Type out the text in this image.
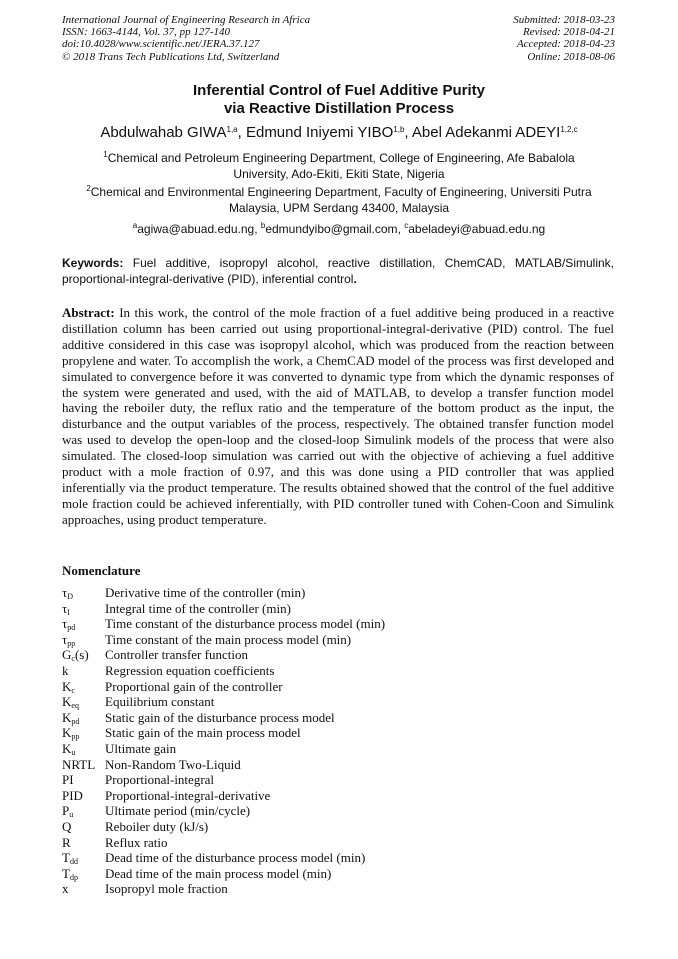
International Journal of Engineering Research in Africa
ISSN: 1663-4144, Vol. 37, pp 127-140
doi:10.4028/www.scientific.net/JERA.37.127
© 2018 Trans Tech Publications Ltd, Switzerland
Submitted: 2018-03-23
Revised: 2018-04-21
Accepted: 2018-04-23
Online: 2018-08-06
Inferential Control of Fuel Additive Purity
via Reactive Distillation Process
Abdulwahab GIWA$^{1,a}$, Edmund Iniyemi YIBO$^{1,b}$, Abel Adekanmi ADEYI$^{1,2,c}$
$^1$Chemical and Petroleum Engineering Department, College of Engineering, Afe Babalola University, Ado-Ekiti, Ekiti State, Nigeria
$^2$Chemical and Environmental Engineering Department, Faculty of Engineering, Universiti Putra Malaysia, UPM Serdang 43400, Malaysia
$^a$agiwa@abuad.edu.ng, $^b$edmundyibo@gmail.com, $^c$abeladeyi@abuad.edu.ng
Keywords: Fuel additive, isopropyl alcohol, reactive distillation, ChemCAD, MATLAB/Simulink, proportional-integral-derivative (PID), inferential control.
Abstract: In this work, the control of the mole fraction of a fuel additive being produced in a reactive distillation column has been carried out using proportional-integral-derivative (PID) control. The fuel additive considered in this case was isopropyl alcohol, which was produced from the reaction between propylene and water. To accomplish the work, a ChemCAD model of the process was first developed and simulated to convergence before it was converted to dynamic type from which the dynamic responses of the system were generated and used, with the aid of MATLAB, to develop a transfer function model having the reboiler duty, the reflux ratio and the temperature of the bottom product as the input, the disturbance and the output variables of the process, respectively. The obtained transfer function model was used to develop the open-loop and the closed-loop Simulink models of the process that were also simulated. The closed-loop simulation was carried out with the objective of achieving a fuel additive product with a mole fraction of 0.97, and this was done using a PID controller that was applied inferentially via the product temperature. The results obtained showed that the control of the fuel additive mole fraction could be achieved inferentially, with PID controller tuned with Cohen-Coon and Simulink approaches, using product temperature.
Nomenclature
$\tau_D$ Derivative time of the controller (min)
$\tau_I$	Integral time of the controller (min)
$\tau_{pd}$ Time constant of the disturbance process model (min)
$\tau_{pp}$ Time constant of the main process model (min)
$G_c(s)$ Controller transfer function
k	Regression equation coefficients
$K_c$ Proportional gain of the controller
$K_{eq}$ Equilibrium constant
$K_{pd}$ Static gain of the disturbance process model
$K_{pp}$ Static gain of the main process model
$K_u$ Ultimate gain
NRTL Non-Random Two-Liquid
PI Proportional-integral
PID Proportional-integral-derivative
$P_u$ Ultimate period (min/cycle)
Q	Reboiler duty (kJ/s)
R	Reflux ratio
$T_{dd}$ Dead time of the disturbance process model (min)
$T_{dp}$ Dead time of the main process model (min)
x	Isopropyl mole fraction
